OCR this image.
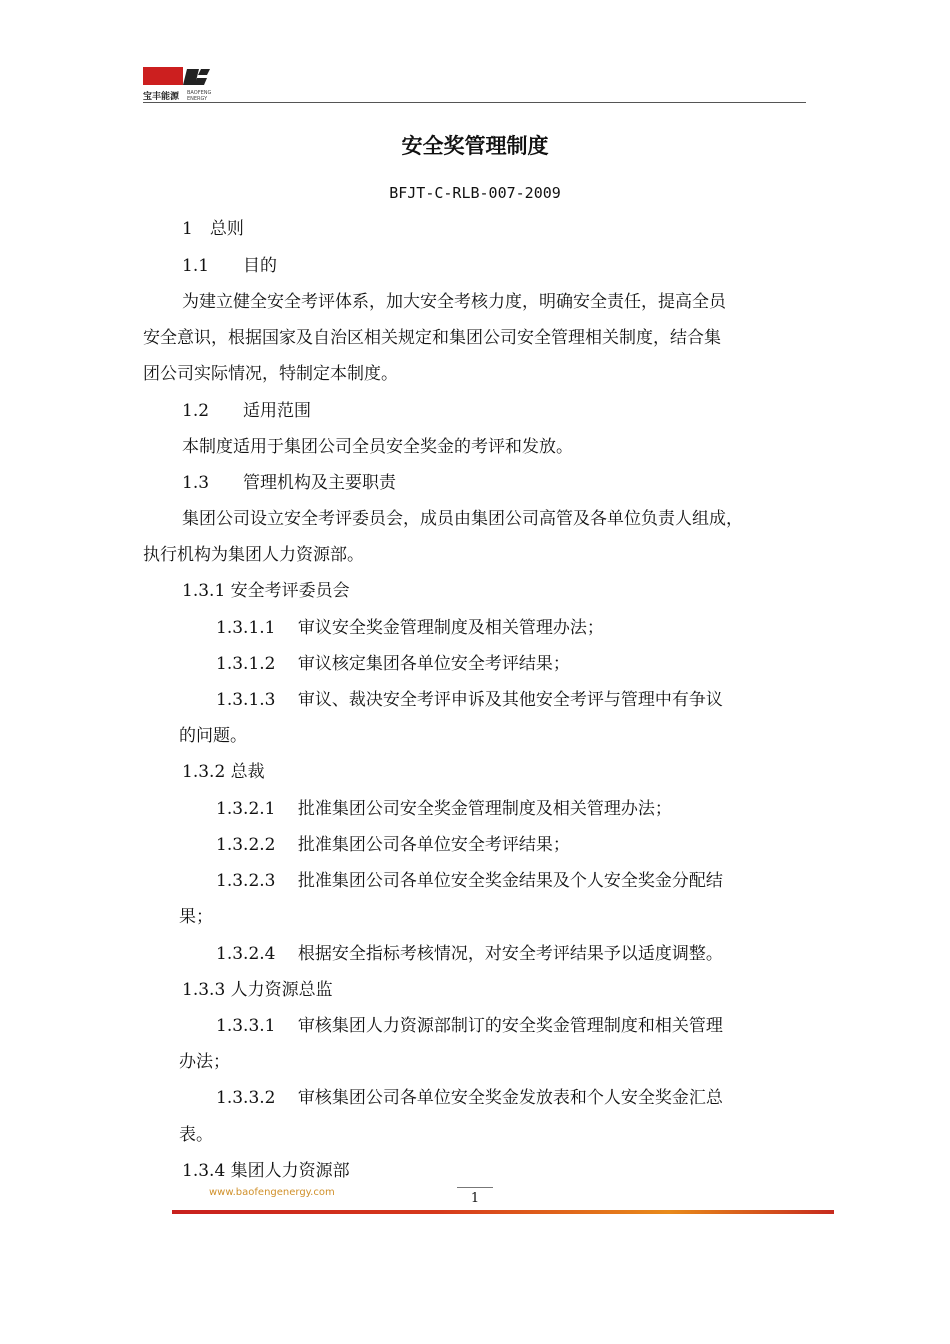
宝丰能源 BAOFENG
ENERGY
安全奖管理制度
BFJT-C-RLB-007-2009
1　总则
1.1　　目的
为建立健全安全考评体系，加大安全考核力度，明确安全责任，提高全员
安全意识，根据国家及自治区相关规定和集团公司安全管理相关制度，结合集
团公司实际情况，特制定本制度。
1.2　　适用范围
本制度适用于集团公司全员安全奖金的考评和发放。
1.3　　管理机构及主要职责
集团公司设立安全考评委员会，成员由集团公司高管及各单位负责人组成，
执行机构为集团人力资源部。
1.3.1 安全考评委员会
1.3.1.1　 审议安全奖金管理制度及相关管理办法；
1.3.1.2　 审议核定集团各单位安全考评结果；
1.3.1.3　 审议、裁决安全考评申诉及其他安全考评与管理中有争议
的问题。
1.3.2 总裁
1.3.2.1　 批准集团公司安全奖金管理制度及相关管理办法；
1.3.2.2　 批准集团公司各单位安全考评结果；
1.3.2.3　 批准集团公司各单位安全奖金结果及个人安全奖金分配结
果；
1.3.2.4　 根据安全指标考核情况，对安全考评结果予以适度调整。
1.3.3 人力资源总监
1.3.3.1　 审核集团人力资源部制订的安全奖金管理制度和相关管理
办法；
1.3.3.2　 审核集团公司各单位安全奖金发放表和个人安全奖金汇总
表。
1.3.4 集团人力资源部
www.baofengenergy.com	1
